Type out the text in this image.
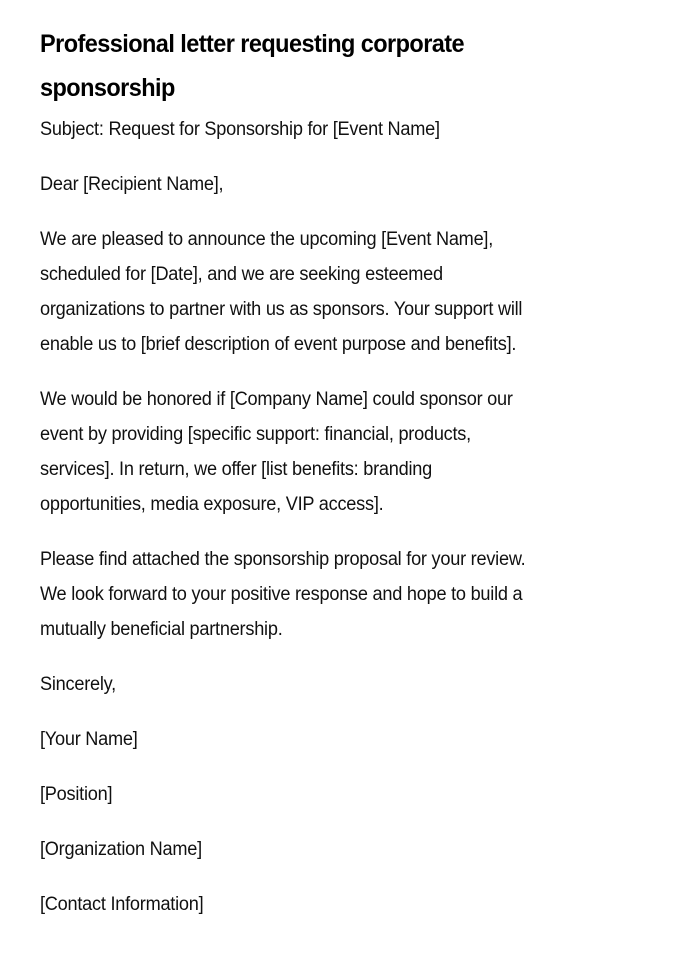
Professional letter requesting corporate
sponsorship

Subject: Request for Sponsorship for [Event Name]

Dear [Recipient Name],

We are pleased to announce the upcoming [Event Name],
scheduled for [Date], and we are seeking esteemed
organizations to partner with us as sponsors. Your support will
enable us to [brief description of event purpose and benefits].

We would be honored if [Company Name] could sponsor our
event by providing [specific support: financial, products,
services]. In return, we offer [list benefits: branding
opportunities, media exposure, VIP access].

Please find attached the sponsorship proposal for your review.
We look forward to your positive response and hope to build a
mutually beneficial partnership.

Sincerely,

[Your Name]

[Position]

[Organization Name]

[Contact Information]
